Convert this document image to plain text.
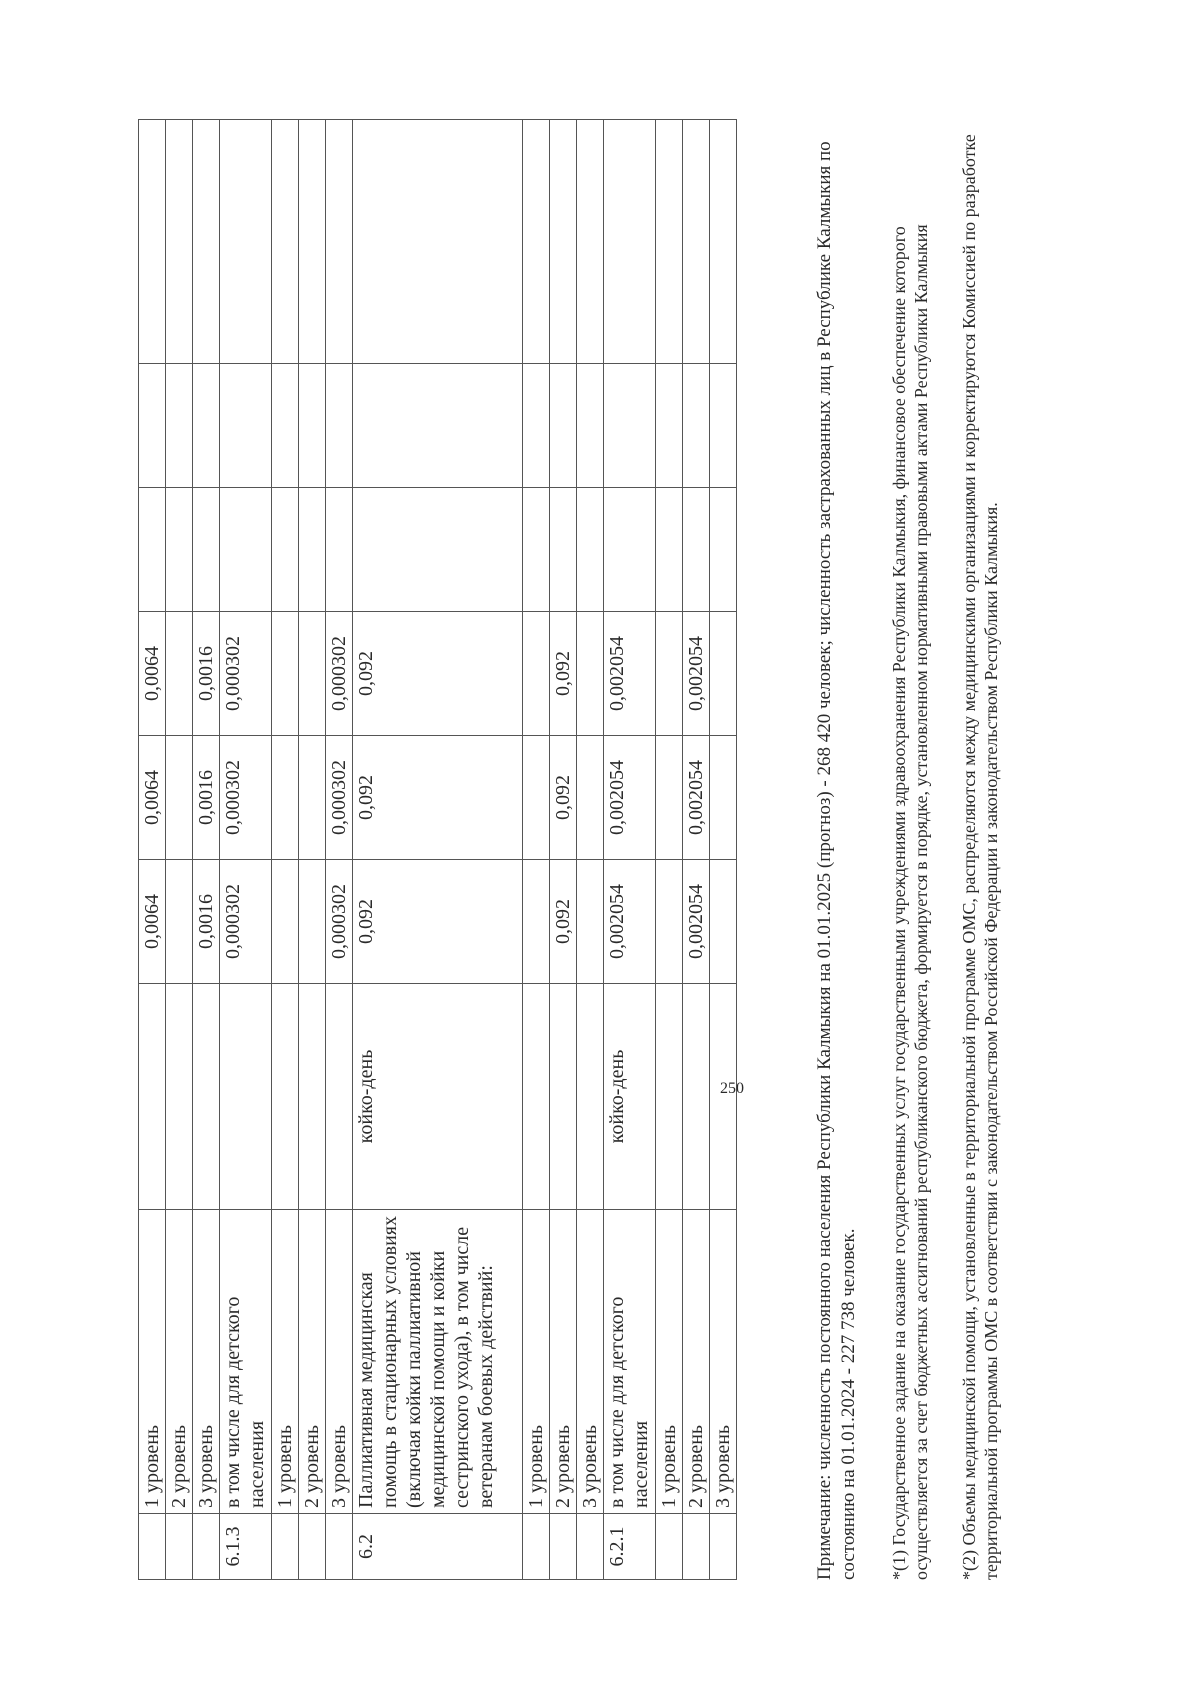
	1 уровень		0,0064	0,0064	0,0064			
	2 уровень							
	3 уровень		0,0016	0,0016	0,0016			
6.1.3	в том числе для детского населения		0,000302	0,000302	0,000302			
	1 уровень							
	2 уровень							
	3 уровень		0,000302	0,000302	0,000302			
6.2	Паллиативная медицинская помощь в стационарных условиях (включая койки паллиативной медицинской помощи и койки сестринского ухода), в том числе ветеранам боевых действий:	койко-день	0,092	0,092	0,092			
	1 уровень							
	2 уровень		0,092	0,092	0,092			
	3 уровень							
6.2.1	в том числе для детского населения	койко-день	0,002054	0,002054	0,002054			
	1 уровень							
	2 уровень		0,002054	0,002054	0,002054			
	3 уровень								Примечание: численность постоянного населения Республики Калмыкия на 01.01.2025 (прогноз) - 268 420 человек; численность застрахованных лиц в Республике Калмыкия по состоянию на 01.01.2024 - 227 738 человек. *(1) Государственное задание на оказание государственных услуг государственными учреждениями здравоохранения Республики Калмыкия, финансовое обеспечение которого осуществляется за счет бюджетных ассигнований республиканского бюджета, формируется в порядке, установленном нормативными правовыми актами Республики Калмыкия *(2) Объемы медицинской помощи, установленные в территориальной программе ОМС, распределяются между медицинскими организациями и корректируются Комиссией по разработке территориальной программы ОМС в соответствии с законодательством Российской Федерации и законодательством Республики Калмыкия.
250
